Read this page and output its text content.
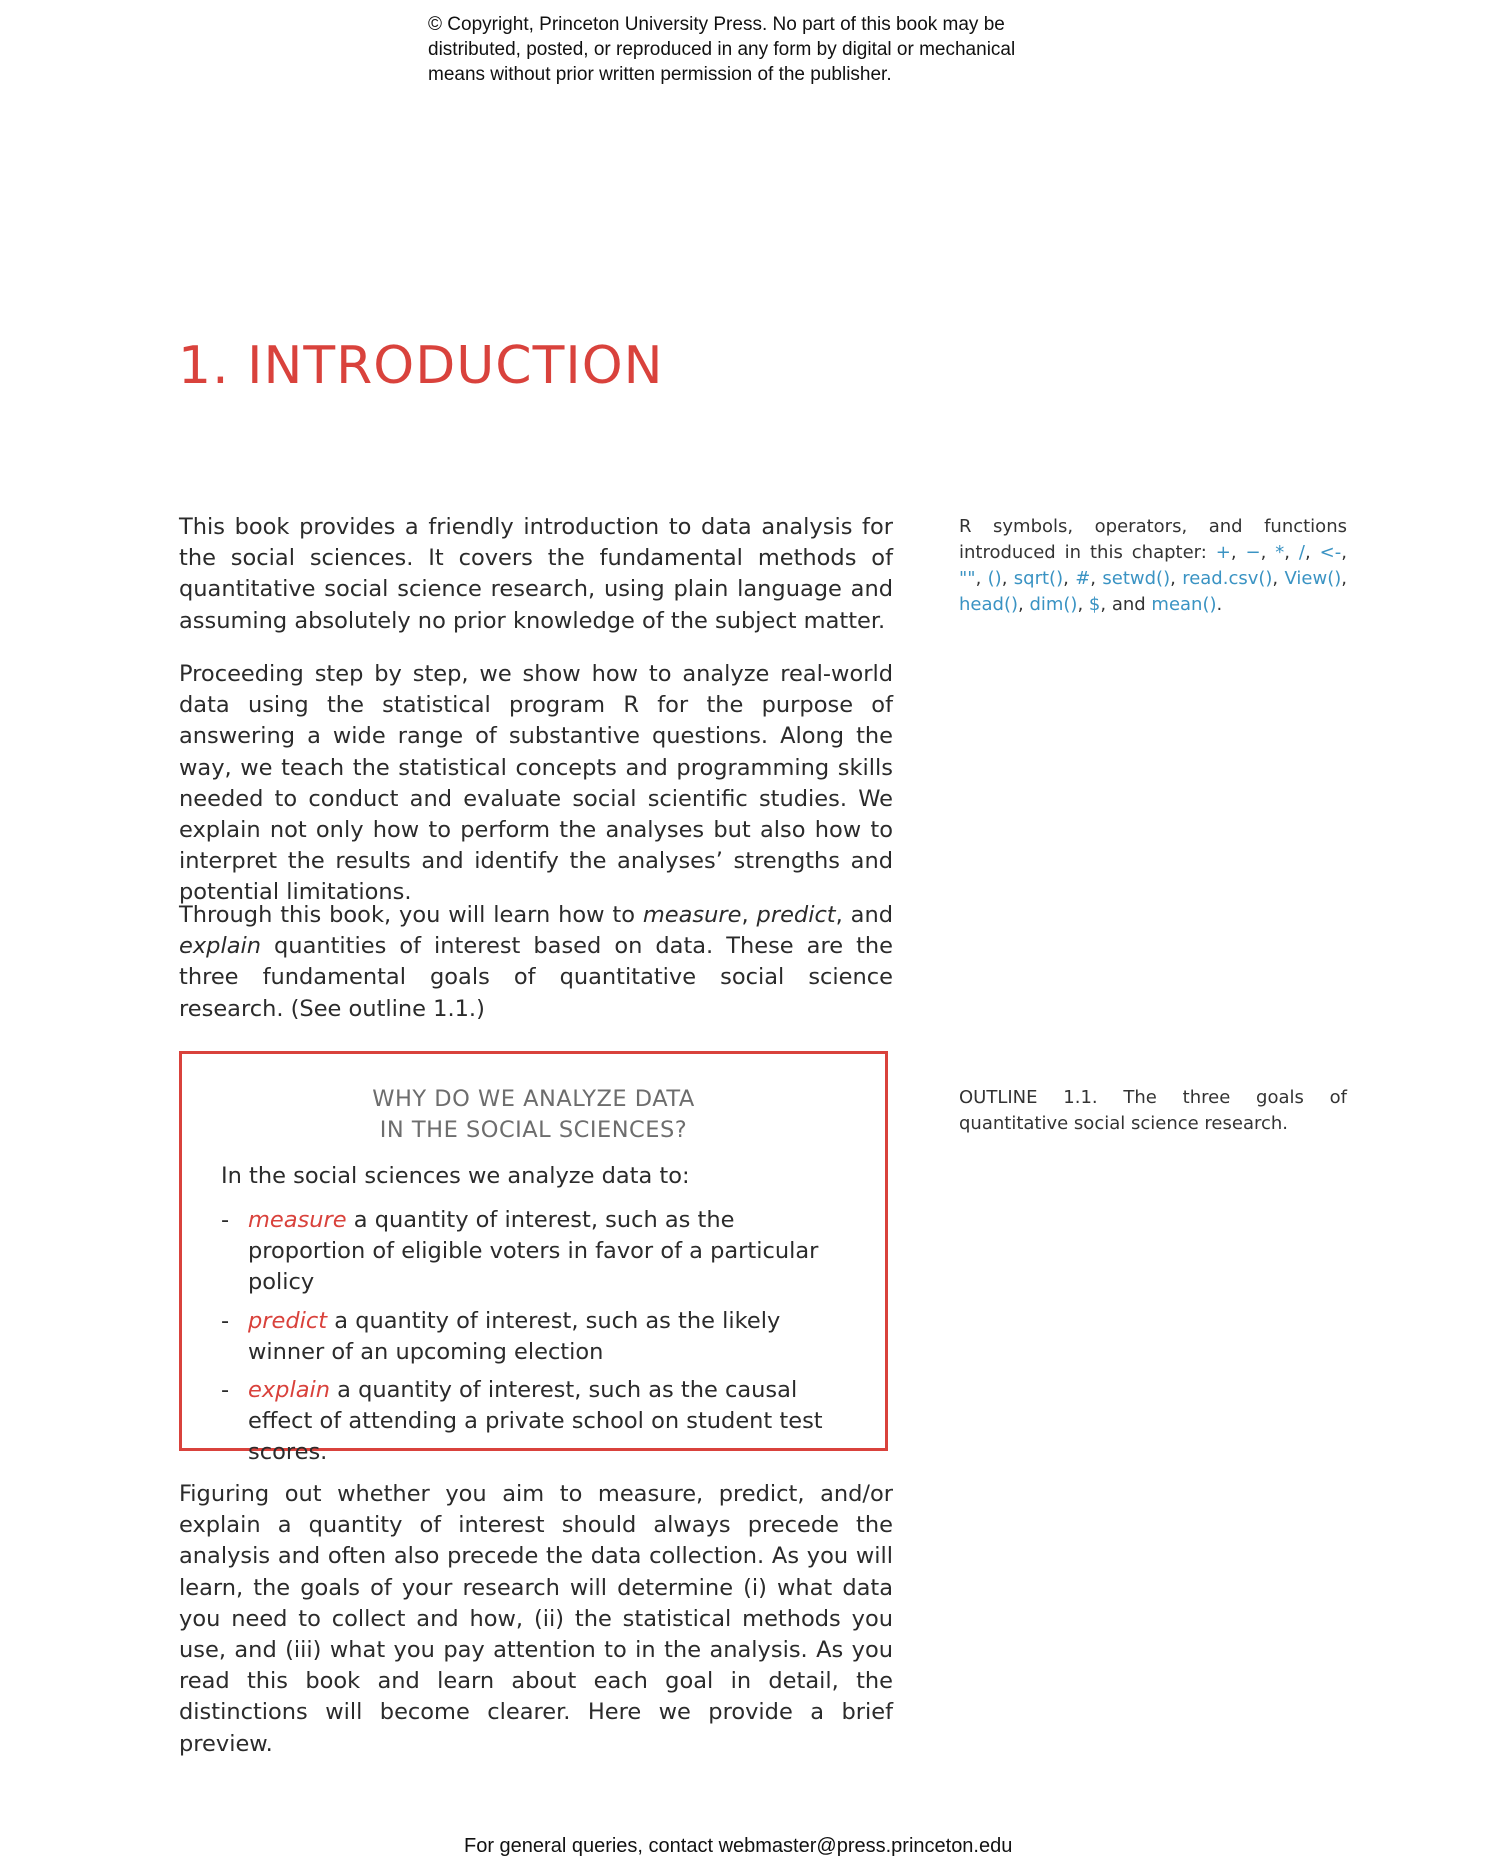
© Copyright, Princeton University Press. No part of this book may be

distributed, posted, or reproduced in any form by digital or mechanical

means without prior written permission of the publisher.

1. INTRODUCTION

This book provides a friendly introduction to data analysis for the social sciences. It covers the fundamental methods of quantitative social science research, using plain language and assuming absolutely no prior knowledge of the subject matter.

Proceeding step by step, we show how to analyze real-world data using the statistical program R for the purpose of answering a wide range of substantive questions. Along the way, we teach the statistical concepts and programming skills needed to conduct and evaluate social scientific studies. We explain not only how to perform the analyses but also how to interpret the results and identify the analyses’ strengths and potential limitations.

Through this book, you will learn how to measure, predict, and explain quantities of interest based on data. These are the three fundamental goals of quantitative social science research. (See outline 1.1.)

WHY DO WE ANALYZE DATA
IN THE SOCIAL SCIENCES?
In the social sciences we analyze data to:
- measure a quantity of interest, such as the proportion of eligible voters in favor of a particular policy
- predict a quantity of interest, such as the likely winner of an upcoming election
- explain a quantity of interest, such as the causal effect of attending a private school on student test scores.

Figuring out whether you aim to measure, predict, and/or explain a quantity of interest should always precede the analysis and often also precede the data collection. As you will learn, the goals of your research will determine (i) what data you need to collect and how, (ii) the statistical methods you use, and (iii) what you pay attention to in the analysis. As you read this book and learn about each goal in detail, the distinctions will become clearer. Here we provide a brief preview.

R symbols, operators, and functions introduced in this chapter: +, −, *, /, <-, "", (), sqrt(), #, setwd(), read.csv(), View(), head(), dim(), $, and mean().

OUTLINE 1.1. The three goals of quantitative social science research.

For general queries, contact webmaster@press.princeton.edu
